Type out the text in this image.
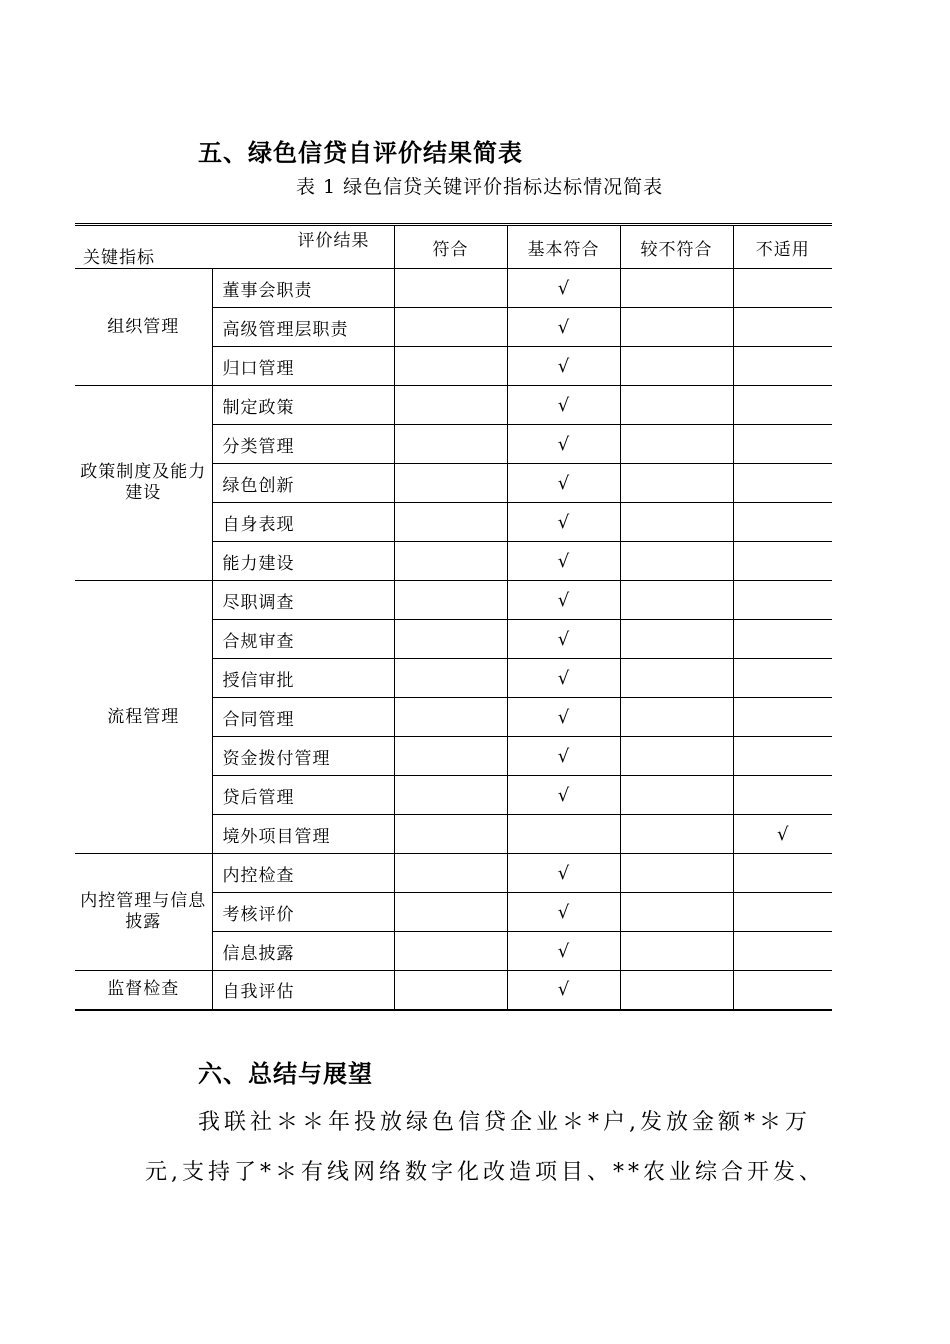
五、绿色信贷自评价结果简表
表 1 绿色信贷关键评价指标达标情况简表
评价结果
关键指标		符合	基本符合	较不符合	不适用
组织管理	董事会职责		√		
	高级管理层职责		√		
	归口管理		√		
政策制度及能力建设	制定政策		√		
	分类管理		√		
	绿色创新		√		
	自身表现		√		
	能力建设		√		
流程管理	尽职调查		√		
	合规审查		√		
	授信审批		√		
	合同管理		√		
	资金拨付管理		√		
	贷后管理		√		
	境外项目管理				√
内控管理与信息披露	内控检查		√		
	考核评价		√		
	信息披露		√		
监督检查	自我评估		√		
六、总结与展望
我联社＊＊年投放绿色信贷企业＊*户,发放金额*＊万
元,支持了*＊有线网络数字化改造项目、**农业综合开发、
